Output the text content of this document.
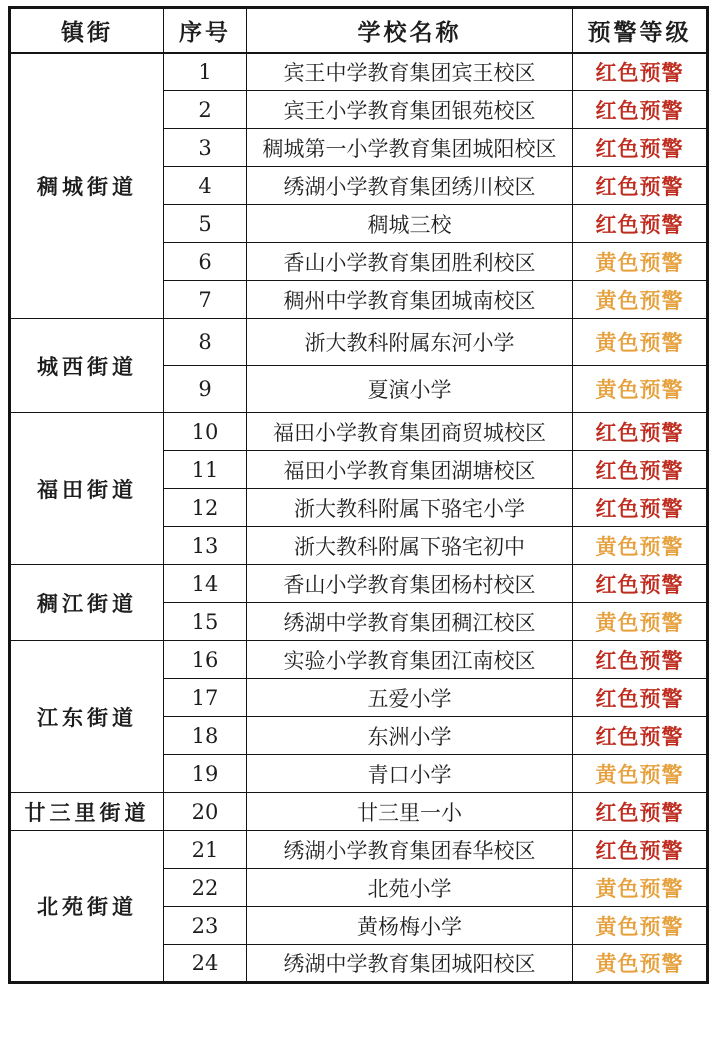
镇街	序号	学校名称	预警等级
稠城街道	1	宾王中学教育集团宾王校区	红色预警
	2	宾王小学教育集团银苑校区	红色预警
	3	稠城第一小学教育集团城阳校区	红色预警
	4	绣湖小学教育集团绣川校区	红色预警
	5	稠城三校	红色预警
	6	香山小学教育集团胜利校区	黄色预警
	7	稠州中学教育集团城南校区	黄色预警
城西街道	8	浙大教科附属东河小学	黄色预警
	9	夏演小学	黄色预警
福田街道	10	福田小学教育集团商贸城校区	红色预警
	11	福田小学教育集团湖塘校区	红色预警
	12	浙大教科附属下骆宅小学	红色预警
	13	浙大教科附属下骆宅初中	黄色预警
稠江街道	14	香山小学教育集团杨村校区	红色预警
	15	绣湖中学教育集团稠江校区	黄色预警
江东街道	16	实验小学教育集团江南校区	红色预警
	17	五爱小学	红色预警
	18	东洲小学	红色预警
	19	青口小学	黄色预警
廿三里街道	20	廿三里一小	红色预警
北苑街道	21	绣湖小学教育集团春华校区	红色预警
	22	北苑小学	黄色预警
	23	黄杨梅小学	黄色预警
	24	绣湖中学教育集团城阳校区	黄色预警
